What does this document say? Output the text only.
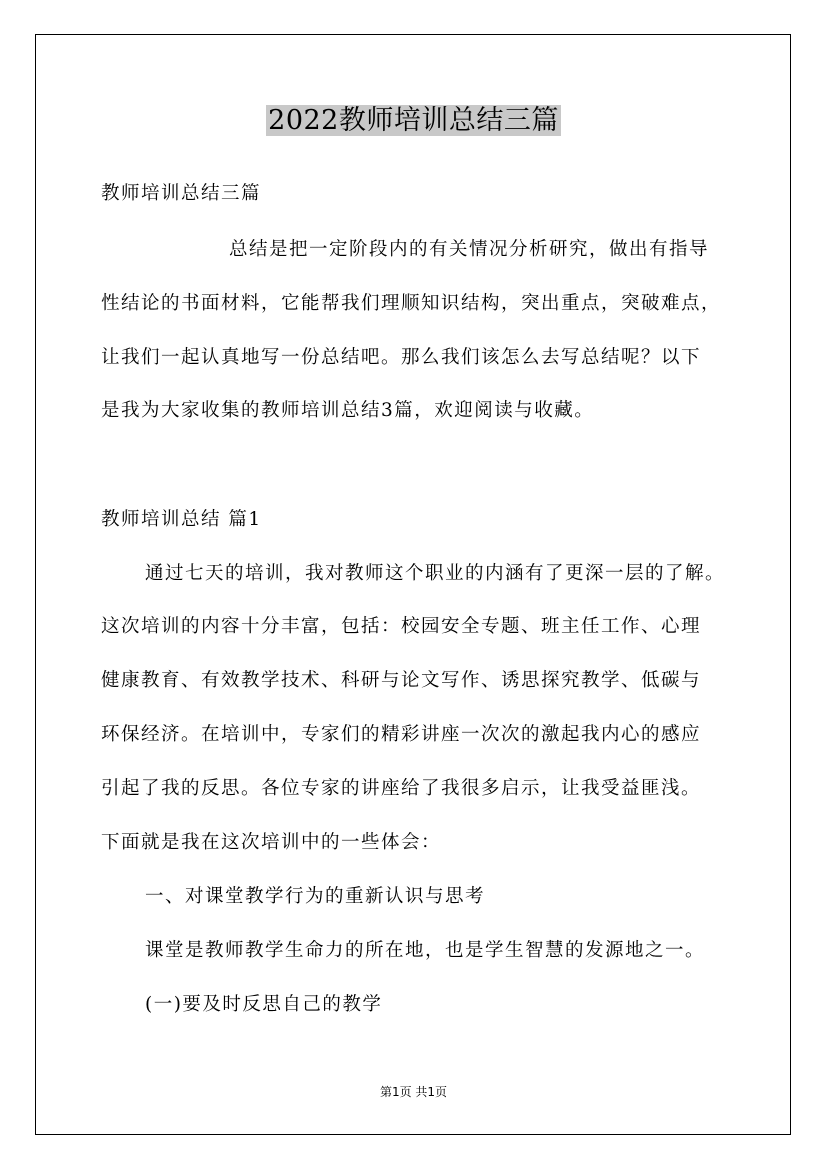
2022教师培训总结三篇
教师培训总结三篇
总结是把一定阶段内的有关情况分析研究，做出有指导
性结论的书面材料，它能帮我们理顺知识结构，突出重点，突破难点，
让我们一起认真地写一份总结吧。那么我们该怎么去写总结呢？以下
是我为大家收集的教师培训总结3篇，欢迎阅读与收藏。
教师培训总结 篇1
通过七天的培训，我对教师这个职业的内涵有了更深一层的了解。
这次培训的内容十分丰富，包括：校园安全专题、班主任工作、心理
健康教育、有效教学技术、科研与论文写作、诱思探究教学、低碳与
环保经济。在培训中，专家们的精彩讲座一次次的激起我内心的感应
引起了我的反思。各位专家的讲座给了我很多启示，让我受益匪浅。
下面就是我在这次培训中的一些体会：
一、对课堂教学行为的重新认识与思考
课堂是教师教学生命力的所在地，也是学生智慧的发源地之一。
(一)要及时反思自己的教学
第1页 共1页
